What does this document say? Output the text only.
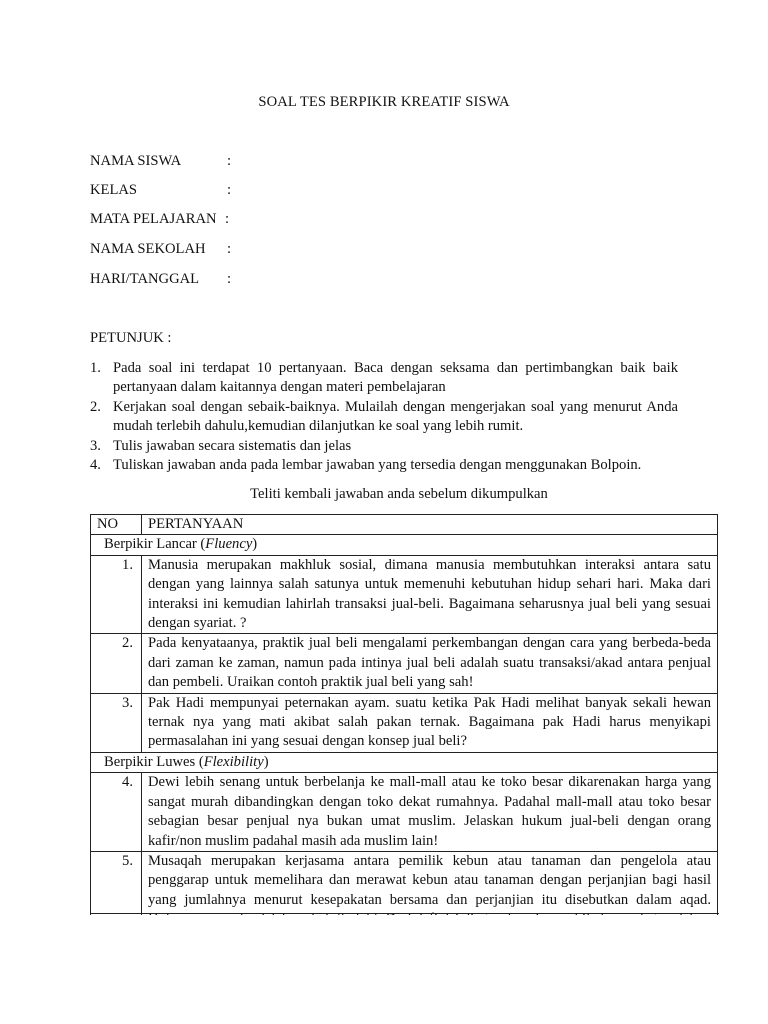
SOAL TES BERPIKIR KREATIF SISWA
NAMA SISWA	:
KELAS	:
MATA PELAJARAN :
NAMA SEKOLAH :
HARI/TANGGAL :
PETUNJUK :
1. Pada soal ini terdapat 10 pertanyaan. Baca dengan seksama dan pertimbangkan baik baik pertanyaan dalam kaitannya dengan materi pembelajaran
2. Kerjakan soal dengan sebaik-baiknya. Mulailah dengan mengerjakan soal yang menurut Anda mudah terlebih dahulu,kemudian dilanjutkan ke soal yang lebih rumit.
3. Tulis jawaban secara sistematis dan jelas
4. Tuliskan jawaban anda pada lembar jawaban yang tersedia dengan menggunakan Bolpoin.
Teliti kembali jawaban anda sebelum dikumpulkan
NO	PERTANYAAN
Berpikir Lancar (Fluency)	
1.	Manusia merupakan makhluk sosial, dimana manusia membutuhkan interaksi antara satu dengan yang lainnya salah satunya untuk memenuhi kebutuhan hidup sehari hari. Maka dari interaksi ini kemudian lahirlah transaksi jual-beli. Bagaimana seharusnya jual beli yang sesuai dengan syariat. ?
2.	Pada kenyataanya, praktik jual beli mengalami perkembangan dengan cara yang berbeda-beda dari zaman ke zaman, namun pada intinya jual beli adalah suatu transaksi/akad antara penjual dan pembeli. Uraikan contoh praktik jual beli yang sah!
3.	Pak Hadi mempunyai peternakan ayam. suatu ketika Pak Hadi melihat banyak sekali hewan ternak nya yang mati akibat salah pakan ternak. Bagaimana pak Hadi harus menyikapi permasalahan ini yang sesuai dengan konsep jual beli?
Berpikir Luwes (Flexibility)	
4.	Dewi lebih senang untuk berbelanja ke mall-mall atau ke toko besar dikarenakan harga yang sangat murah dibandingkan dengan toko dekat rumahnya. Padahal mall-mall atau toko besar sebagian besar penjual nya bukan umat muslim. Jelaskan hukum jual-beli dengan orang kafir/non muslim padahal masih ada muslim lain!
5.	Musaqah merupakan kerjasama antara pemilik kebun atau tanaman dan pengelola atau penggarap untuk memelihara dan merawat kebun atau tanaman dengan perjanjian bagi hasil yang jumlahnya menurut kesepakatan bersama dan perjanjian itu disebutkan dalam aqad.
